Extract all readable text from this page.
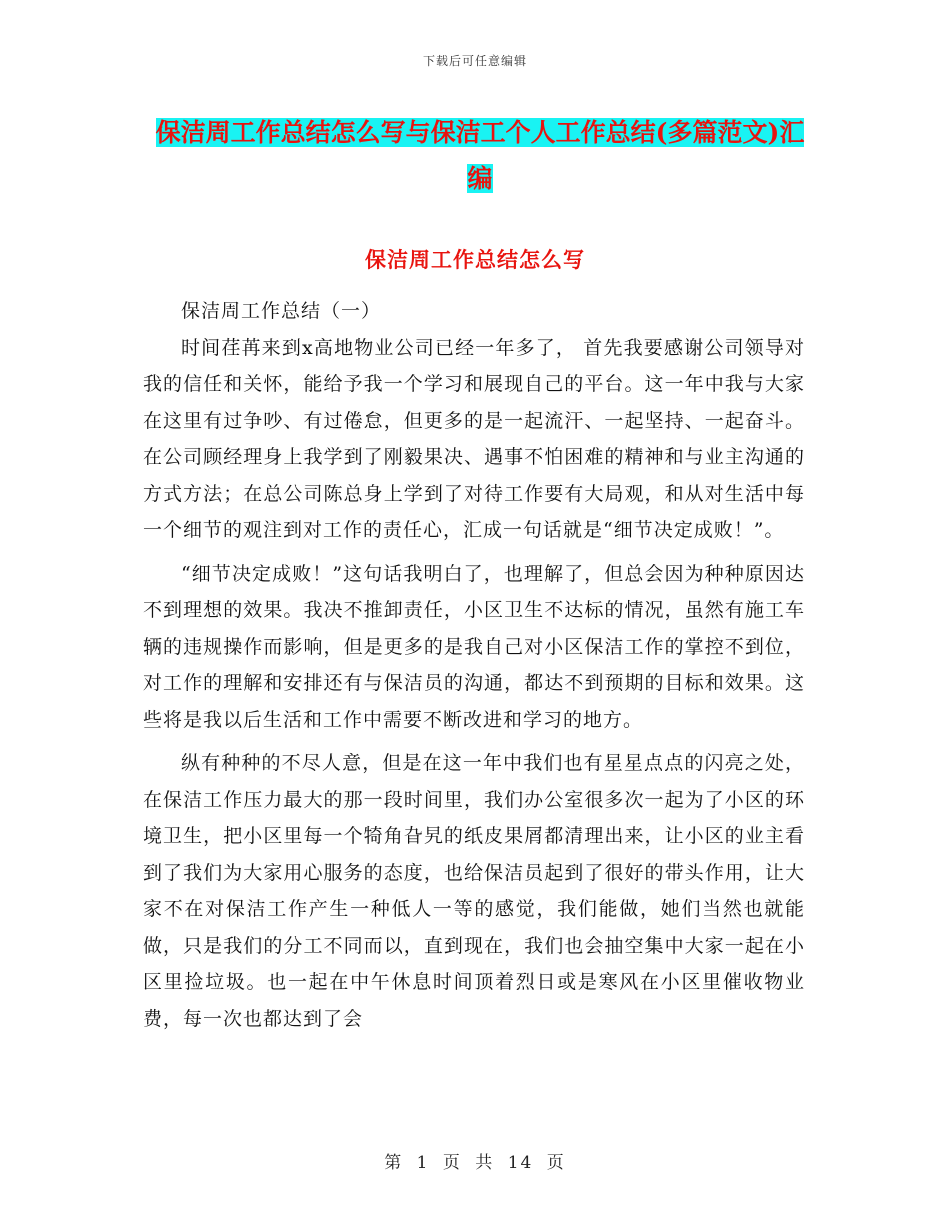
下载后可任意编辑
保洁周工作总结怎么写与保洁工个人工作总结(多篇范文)汇编
保洁周工作总结怎么写

保洁周工作总结（一）

时间荏苒来到x高地物业公司已经一年多了， 首先我要感谢公司领导对我的信任和关怀，能给予我一个学习和展现自己的平台。这一年中我与大家在这里有过争吵、有过倦怠，但更多的是一起流汗、一起坚持、一起奋斗。在公司顾经理身上我学到了刚毅果决、遇事不怕困难的精神和与业主沟通的方式方法；在总公司陈总身上学到了对待工作要有大局观，和从对生活中每一个细节的观注到对工作的责任心，汇成一句话就是“细节决定成败！”。

“细节决定成败！”这句话我明白了，也理解了，但总会因为种种原因达不到理想的效果。我决不推卸责任，小区卫生不达标的情况，虽然有施工车辆的违规操作而影响，但是更多的是我自己对小区保洁工作的掌控不到位，对工作的理解和安排还有与保洁员的沟通，都达不到预期的目标和效果。这些将是我以后生活和工作中需要不断改进和学习的地方。

纵有种种的不尽人意，但是在这一年中我们也有星星点点的闪亮之处，在保洁工作压力最大的那一段时间里，我们办公室很多次一起为了小区的环境卫生，把小区里每一个犄角旮旯的纸皮果屑都清理出来，让小区的业主看到了我们为大家用心服务的态度，也给保洁员起到了很好的带头作用，让大家不在对保洁工作产生一种低人一等的感觉，我们能做，她们当然也就能做，只是我们的分工不同而以，直到现在，我们也会抽空集中大家一起在小区里捡垃圾。也一起在中午休息时间顶着烈日或是寒风在小区里催收物业费，每一次也都达到了会

第 1 页 共 14 页
